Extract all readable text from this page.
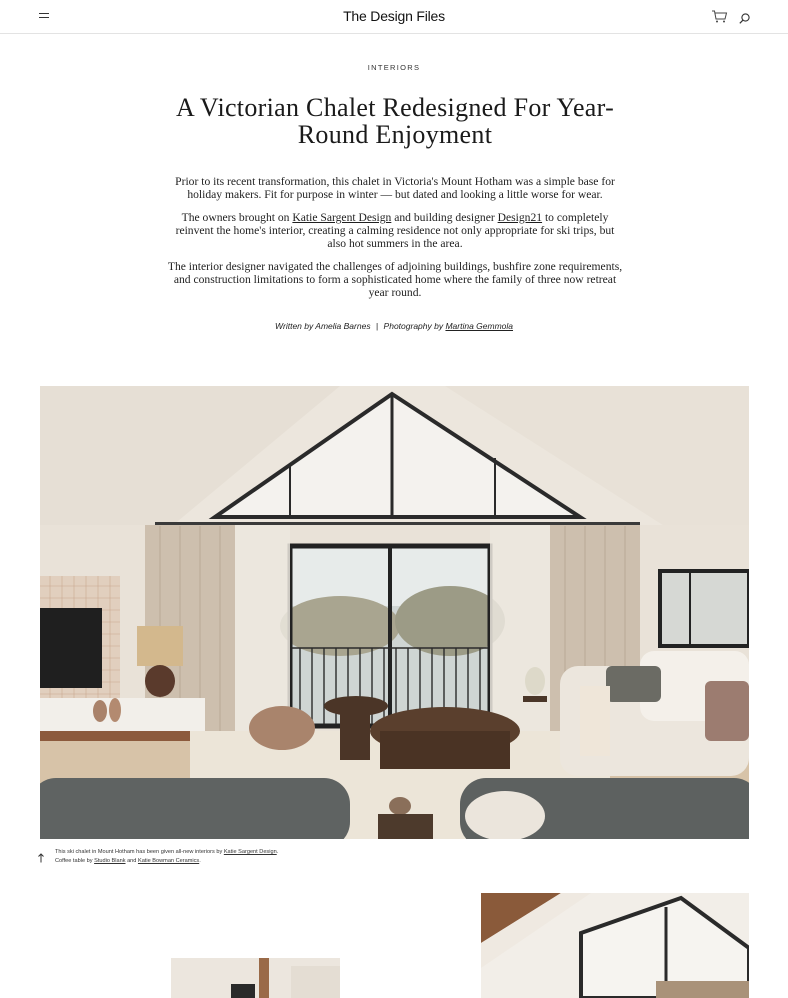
The Design Files
INTERIORS
A Victorian Chalet Redesigned For Year-Round Enjoyment

Prior to its recent transformation, this chalet in Victoria's Mount Hotham was a simple base for holiday makers. Fit for purpose in winter — but dated and looking a little worse for wear.

The owners brought on Katie Sargent Design and building designer Design21 to completely reinvent the home's interior, creating a calming residence not only appropriate for ski trips, but also hot summers in the area.

The interior designer navigated the challenges of adjoining buildings, bushfire zone requirements, and construction limitations to form a sophisticated home where the family of three now retreat year round.

Written by Amelia Barnes | Photography by Martina Gemmola
This ski chalet in Mount Hotham has been given all-new interiors by Katie Sargent Design.
Coffee table by Studio Blank and Katie Bowman Ceramics.
